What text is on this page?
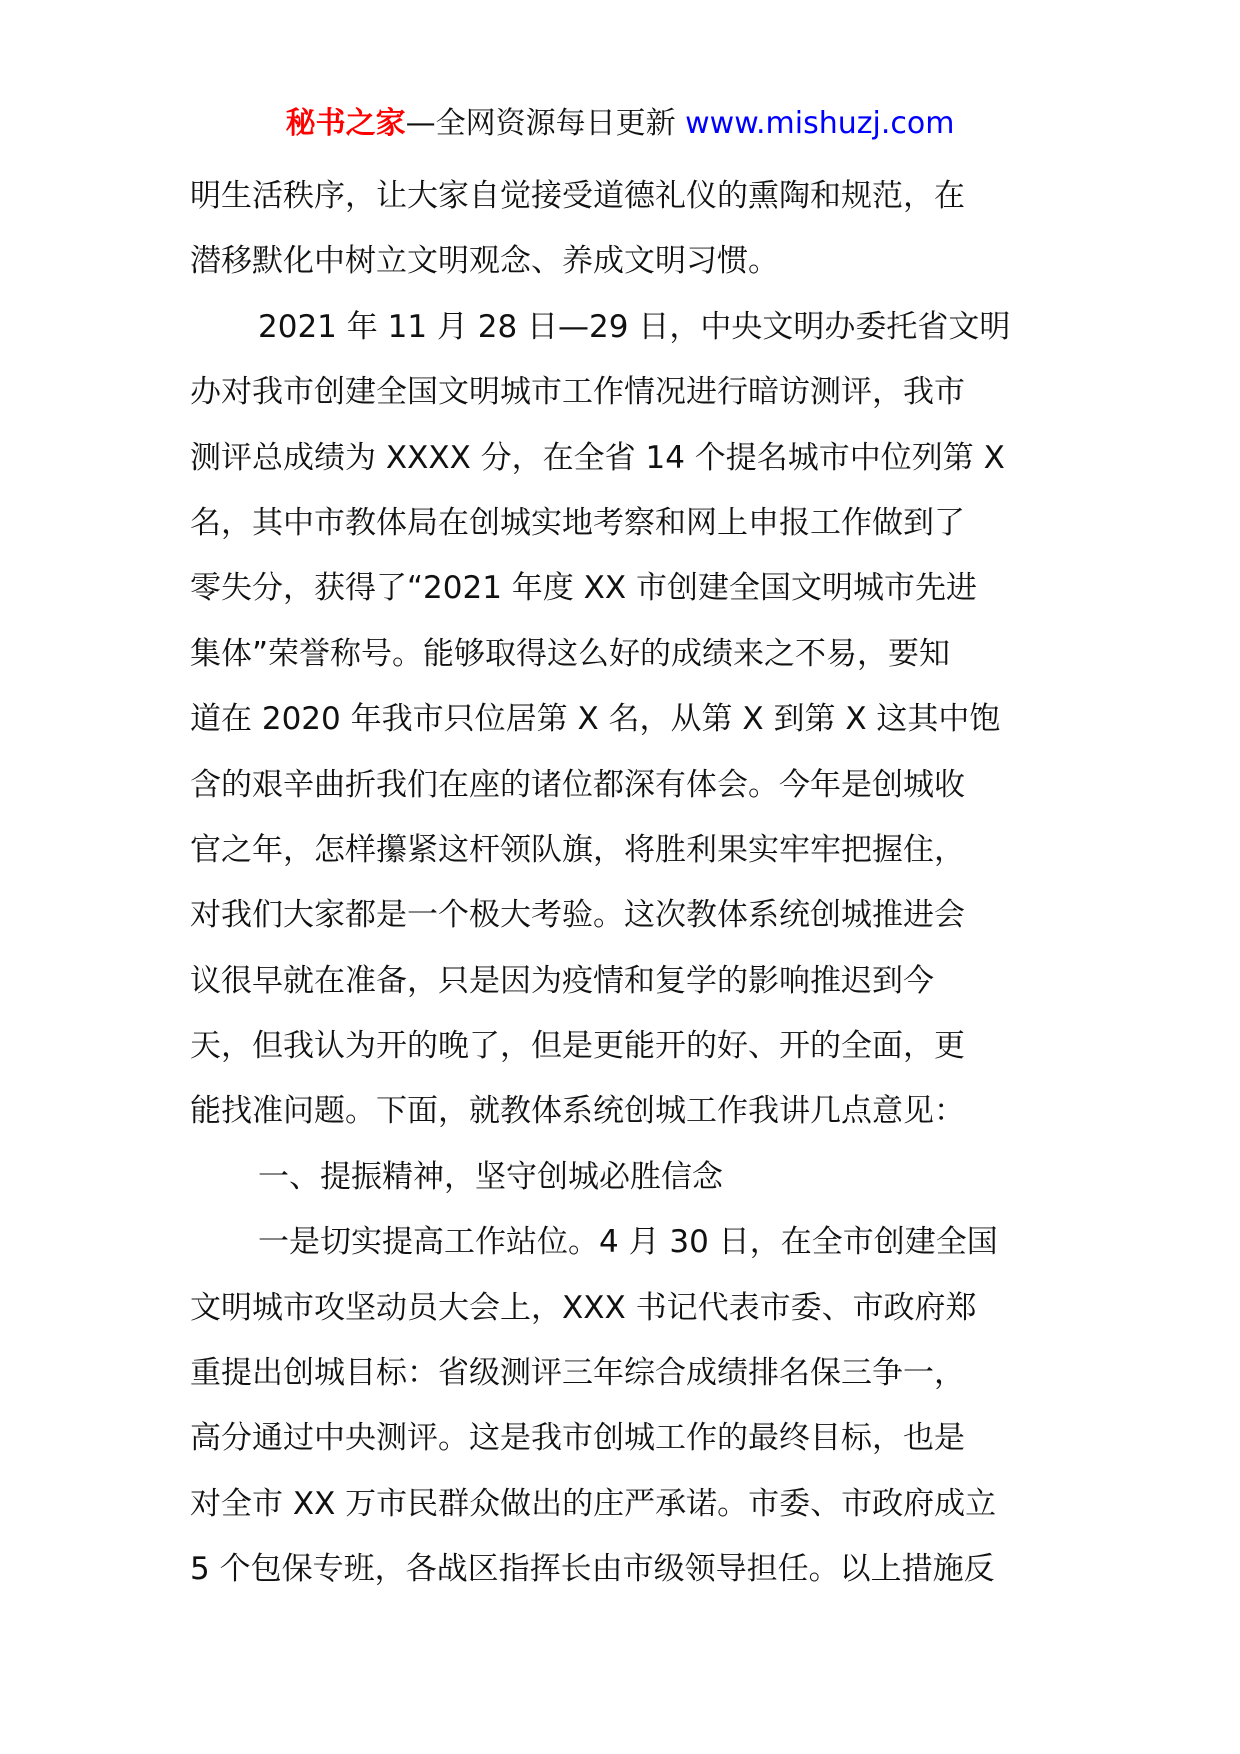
秘书之家—全网资源每日更新 www.mishuzj.com
明生活秩序，让大家自觉接受道德礼仪的熏陶和规范，在
潜移默化中树立文明观念、养成文明习惯。
2021 年 11 月 28 日—29 日，中央文明办委托省文明
办对我市创建全国文明城市工作情况进行暗访测评，我市
测评总成绩为 XXXX 分，在全省 14 个提名城市中位列第 X
名，其中市教体局在创城实地考察和网上申报工作做到了
零失分，获得了“2021 年度 XX 市创建全国文明城市先进
集体”荣誉称号。能够取得这么好的成绩来之不易，要知
道在 2020 年我市只位居第 X 名，从第 X 到第 X 这其中饱
含的艰辛曲折我们在座的诸位都深有体会。今年是创城收
官之年，怎样攥紧这杆领队旗，将胜利果实牢牢把握住，
对我们大家都是一个极大考验。这次教体系统创城推进会
议很早就在准备，只是因为疫情和复学的影响推迟到今
天，但我认为开的晚了，但是更能开的好、开的全面，更
能找准问题。下面，就教体系统创城工作我讲几点意见：
一、提振精神，坚守创城必胜信念
一是切实提高工作站位。4 月 30 日，在全市创建全国
文明城市攻坚动员大会上，XXX 书记代表市委、市政府郑
重提出创城目标：省级测评三年综合成绩排名保三争一，
高分通过中央测评。这是我市创城工作的最终目标，也是
对全市 XX 万市民群众做出的庄严承诺。市委、市政府成立
5 个包保专班，各战区指挥长由市级领导担任。以上措施反
